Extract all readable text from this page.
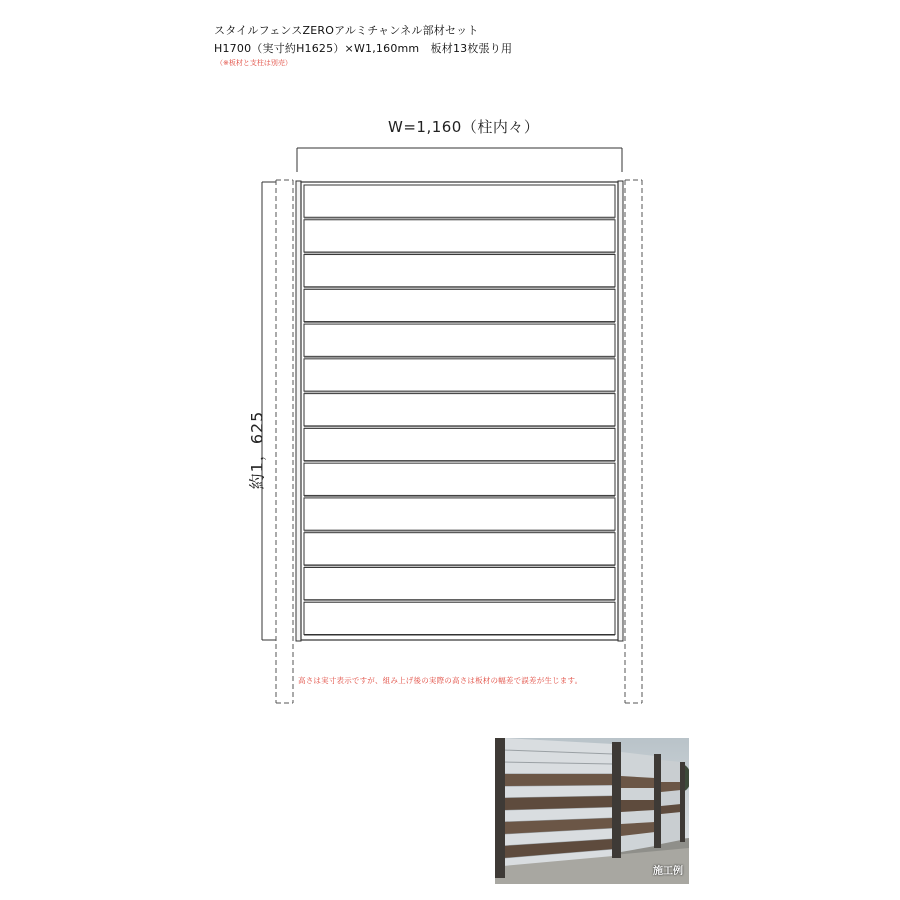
スタイルフェンスZEROアルミチャンネル部材セット
H1700（実寸約H1625）×W1,160mm　板材13枚張り用
（※板材と支柱は別売）
W=1,160（柱内々）
約1，625
高さは実寸表示ですが、組み上げ後の実際の高さは板材の幅差で誤差が生じます。
施工例
